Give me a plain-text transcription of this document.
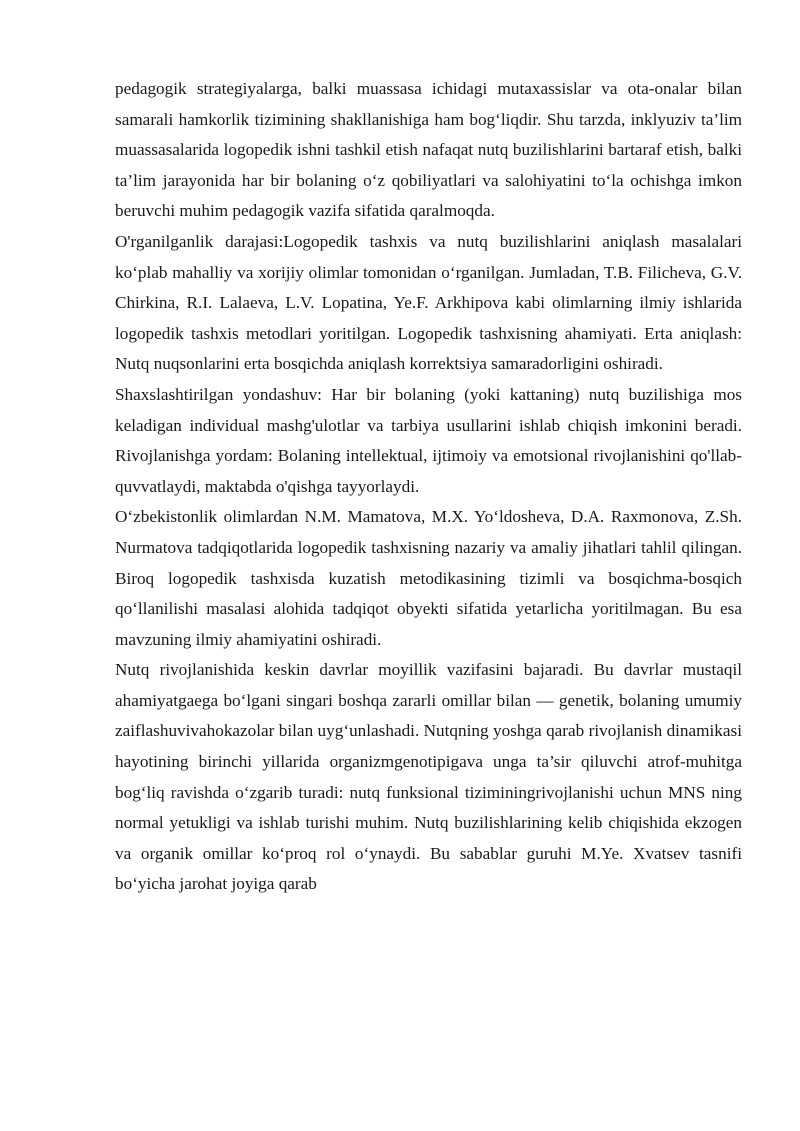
pedagogik strategiyalarga, balki muassasa ichidagi mutaxassislar va ota-onalar bilan samarali hamkorlik tizimining shakllanishiga ham bog‘liqdir. Shu tarzda, inklyuziv ta’lim muassasalarida logopedik ishni tashkil etish nafaqat nutq buzilishlarini bartaraf etish, balki ta’lim jarayonida har bir bolaning o‘z qobiliyatlari va salohiyatini to‘la ochishga imkon beruvchi muhim pedagogik vazifa sifatida qaralmoqda.

O'rganilganlik darajasi:Logopedik tashxis va nutq buzilishlarini aniqlash masalalari ko‘plab mahalliy va xorijiy olimlar tomonidan o‘rganilgan. Jumladan, T.B. Filicheva, G.V. Chirkina, R.I. Lalaeva, L.V. Lopatina, Ye.F. Arkhipova kabi olimlarning ilmiy ishlarida logopedik tashxis metodlari yoritilgan. Logopedik tashxisning ahamiyati. Erta aniqlash: Nutq nuqsonlarini erta bosqichda aniqlash korrektsiya samaradorligini oshiradi.

Shaxslashtirilgan yondashuv: Har bir bolaning (yoki kattaning) nutq buzilishiga mos keladigan individual mashg'ulotlar va tarbiya usullarini ishlab chiqish imkonini beradi. Rivojlanishga yordam: Bolaning intellektual, ijtimoiy va emotsional rivojlanishini qo'llab-quvvatlaydi, maktabda o'qishga tayyorlaydi.

O‘zbekistonlik olimlardan N.M. Mamatova, M.X. Yo‘ldosheva, D.A. Raxmonova, Z.Sh. Nurmatova tadqiqotlarida logopedik tashxisning nazariy va amaliy jihatlari tahlil qilingan. Biroq logopedik tashxisda kuzatish metodikasining tizimli va bosqichma-bosqich qo‘llanilishi masalasi alohida tadqiqot obyekti sifatida yetarlicha yoritilmagan. Bu esa mavzuning ilmiy ahamiyatini oshiradi.

Nutq rivojlanishida keskin davrlar moyillik vazifasini bajaradi. Bu davrlar mustaqil ahamiyatgaega bo‘lgani singari boshqa zararli omillar bilan — genetik, bolaning umumiy zaiflashuvivahokazolar bilan uyg‘unlashadi. Nutqning yoshga qarab rivojlanish dinamikasi hayotining birinchi yillarida organizmgenotipigava unga ta’sir qiluvchi atrof-muhitga bog‘liq ravishda o‘zgarib turadi: nutq funksional tiziminingrivojlanishi uchun MNS ning normal yetukligi va ishlab turishi muhim. Nutq buzilishlarining kelib chiqishida ekzogen va organik omillar ko‘proq rol o‘ynaydi. Bu sabablar guruhi M.Ye. Xvatsev tasnifi bo‘yicha jarohat joyiga qarab
